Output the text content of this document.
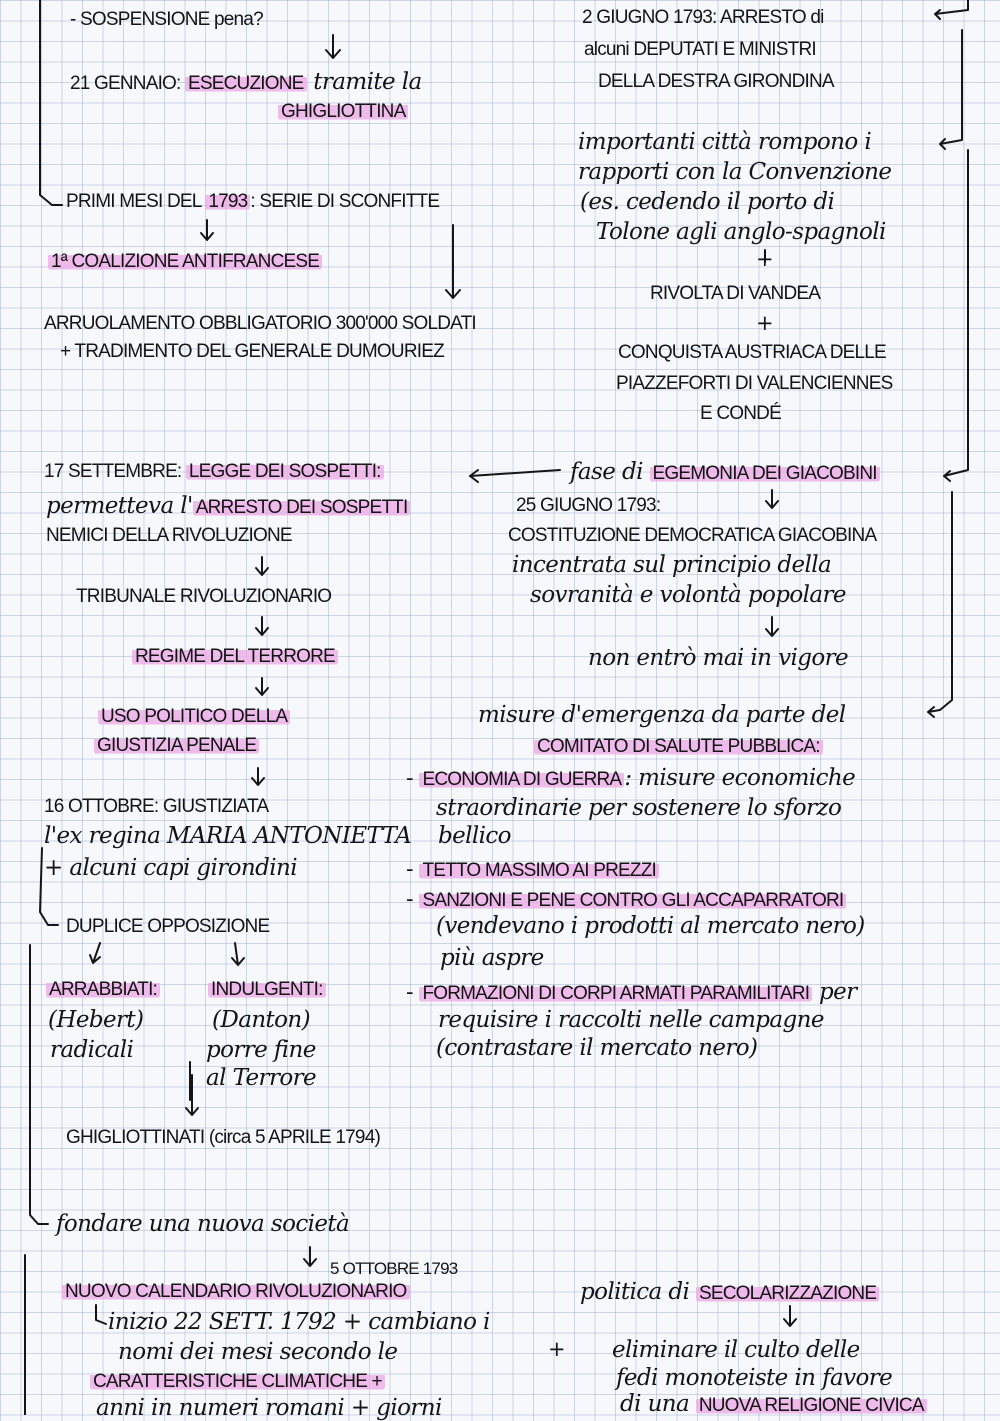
- SOSPENSIONE pena?
21 GENNAIO: ESECUZIONE tramite la
GHIGLIOTTINA
PRIMI MESI DEL 1793 : SERIE DI SCONFITTE
1ª COALIZIONE ANTIFRANCESE
ARRUOLAMENTO OBBLIGATORIO 300'000 SOLDATI
+ TRADIMENTO DEL GENERALE DUMOURIEZ
17 SETTEMBRE: LEGGE DEI SOSPETTI:
permetteva l' ARRESTO DEI SOSPETTI
NEMICI DELLA RIVOLUZIONE
TRIBUNALE RIVOLUZIONARIO
REGIME DEL TERRORE
USO POLITICO DELLA
GIUSTIZIA PENALE
16 OTTOBRE: GIUSTIZIATA
l'ex regina MARIA ANTONIETTA
+ alcuni capi girondini
DUPLICE OPPOSIZIONE
ARRABBIATI:
(Hebert)
radicali
INDULGENTI:
(Danton)
porre fine
al Terrore
GHIGLIOTTINATI (circa 5 APRILE 1794)
fondare una nuova società
5 OTTOBRE 1793
NUOVO CALENDARIO RIVOLUZIONARIO
inizio 22 SETT. 1792 + cambiano i
nomi dei mesi secondo le
CARATTERISTICHE CLIMATICHE +
anni in numeri romani + giorni
2 GIUGNO 1793: ARRESTO di
alcuni DEPUTATI E MINISTRI
DELLA DESTRA GIRONDINA
importanti città rompono i
rapporti con la Convenzione
(es. cedendo il porto di
Tolone agli anglo-spagnoli
+
RIVOLTA DI VANDEA
+
CONQUISTA AUSTRIACA DELLE
PIAZZEFORTI DI VALENCIENNES
E CONDÉ
fase di EGEMONIA DEI GIACOBINI
25 GIUGNO 1793:
COSTITUZIONE DEMOCRATICA GIACOBINA
incentrata sul principio della
sovranità e volontà popolare
non entrò mai in vigore
misure d'emergenza da parte del
COMITATO DI SALUTE PUBBLICA:
- ECONOMIA DI GUERRA : misure economiche
straordinarie per sostenere lo sforzo
bellico
- TETTO MASSIMO AI PREZZI
- SANZIONI E PENE CONTRO GLI ACCAPARRATORI
(vendevano i prodotti al mercato nero)
più aspre
- FORMAZIONI DI CORPI ARMATI PARAMILITARI per
requisire i raccolti nelle campagne
(contrastare il mercato nero)
politica di SECOLARIZZAZIONE
+ eliminare il culto delle
fedi monoteiste in favore
di una NUOVA RELIGIONE CIVICA
